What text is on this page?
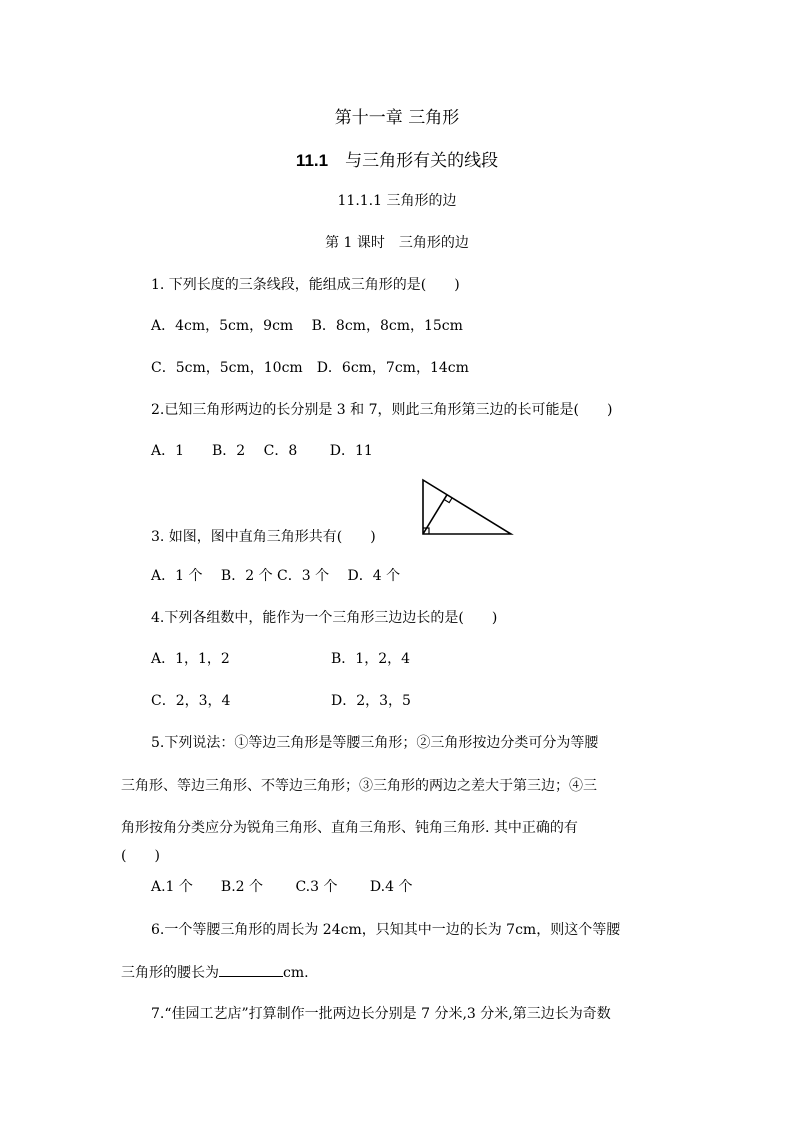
第十一章 三角形
11.1　 与三角形有关的线段
11.1.1 三角形的边
第 1 课时　三角形的边
1. 下列长度的三条线段，能组成三角形的是(　　)
A．4cm，5cm，9cm　 B．8cm，8cm，15cm
C．5cm，5cm，10cm　D．6cm，7cm，14cm
2.已知三角形两边的长分别是 3 和 7，则此三角形第三边的长可能是(　　)
A．1　　B．2　 C．8　　 D．11
3. 如图，图中直角三角形共有(　　)
A．1 个　 B．2 个 C．3 个　 D．4 个
4.下列各组数中，能作为一个三角形三边边长的是(　　)
A．1，1，2	B．1，2，4
C．2，3，4	D．2，3，5
5.下列说法：①等边三角形是等腰三角形；②三角形按边分类可分为等腰
三角形、等边三角形、不等边三角形；③三角形的两边之差大于第三边；④三
角形按角分类应分为锐角三角形、直角三角形、钝角三角形. 其中正确的有
(　　)
A.1 个　　B.2 个　　 C.3 个　　 D.4 个
6.一个等腰三角形的周长为 24cm，只知其中一边的长为 7cm，则这个等腰
三角形的腰长为	cm.
7.“佳园工艺店”打算制作一批两边长分别是 7 分米,3 分米,第三边长为奇数
